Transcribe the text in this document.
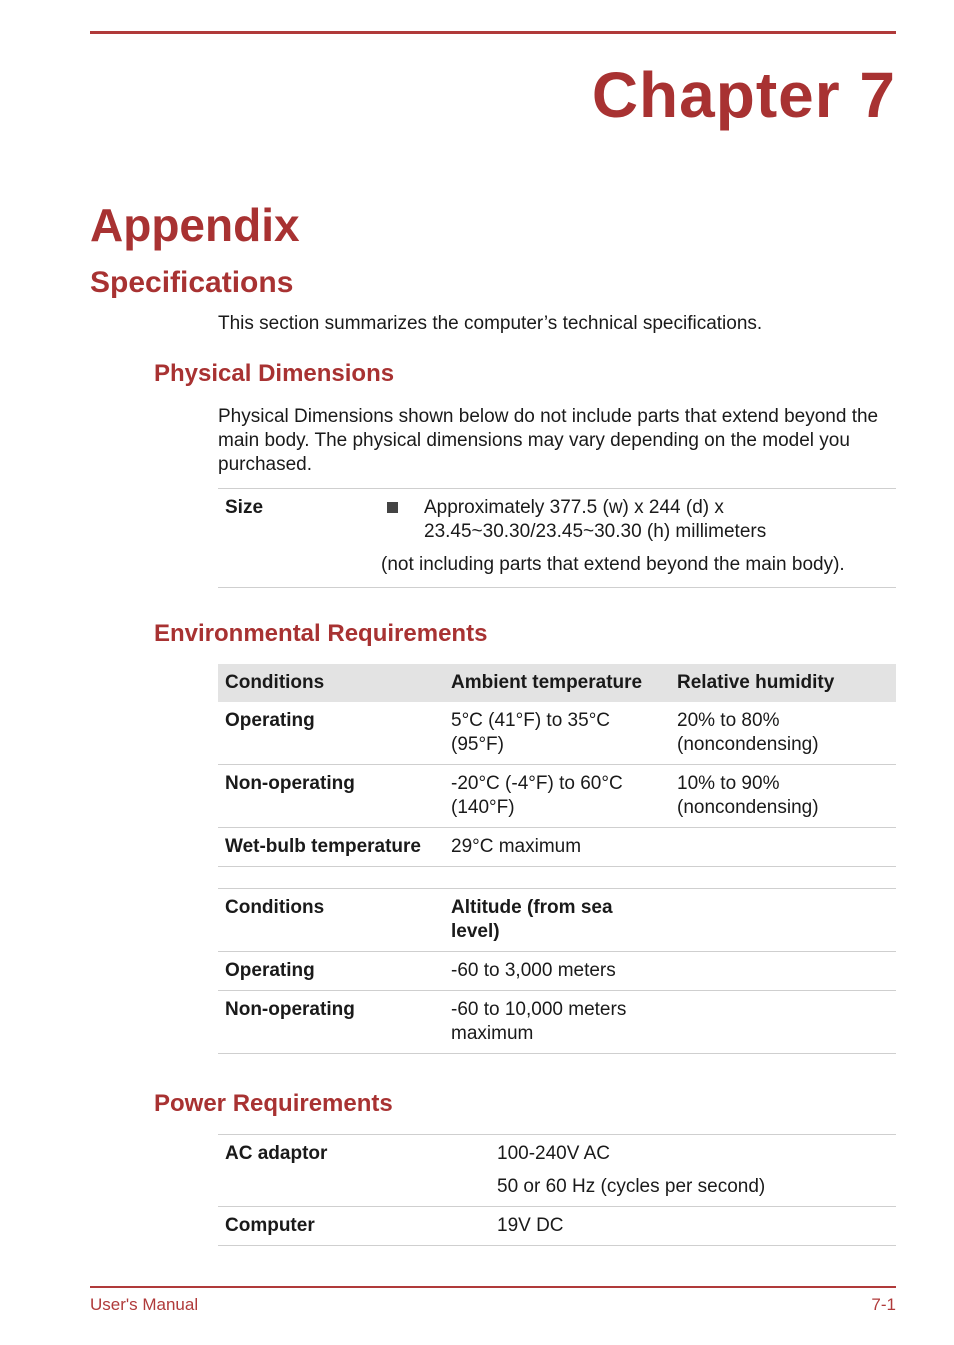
Chapter 7
Appendix
Specifications
This section summarizes the computer’s technical specifications.
Physical Dimensions
Physical Dimensions shown below do not include parts that extend beyond the main body. The physical dimensions may vary depending on the model you purchased.
Size		Approximately 377.5 (w) x 244 (d) x
23.45~30.30/23.45~30.30 (h) millimeters
(not including parts that extend beyond the main body).
Environmental Requirements
Conditions	Ambient temperature	Relative humidity
Operating	5°C (41°F) to 35°C (95°F)	20% to 80% (noncondensing)
Non-operating	-20°C (-4°F) to 60°C (140°F)	10% to 90% (noncondensing)
Wet-bulb temperature	29°C maximum	
Conditions	Altitude (from sea level)	
Operating	-60 to 3,000 meters	
Non-operating	-60 to 10,000 meters maximum	
Power Requirements
AC adaptor	100-240V AC
50 or 60 Hz (cycles per second)

Computer	19V DC
User's Manual	7-1
